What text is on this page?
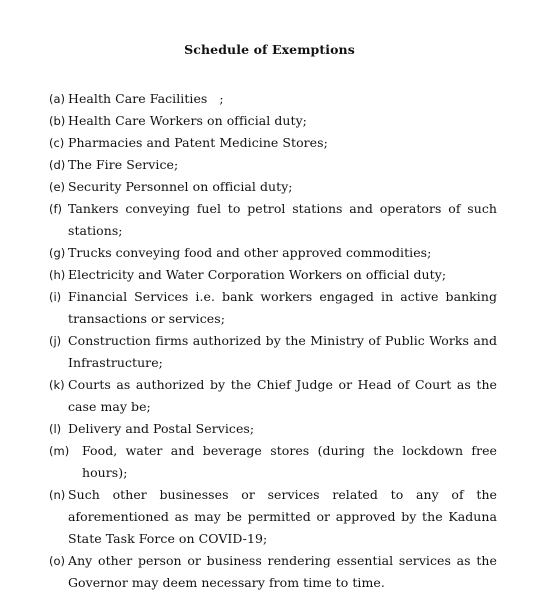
Schedule of Exemptions
(a) Health Care Facilities   ;
(b) Health Care Workers on official duty;
(c) Pharmacies and Patent Medicine Stores;
(d) The Fire Service;
(e) Security Personnel on official duty;
(f) Tankers conveying fuel to petrol stations and operators of such stations;
(g) Trucks conveying food and other approved commodities;
(h) Electricity and Water Corporation Workers on official duty;
(i) Financial Services i.e. bank workers engaged in active banking transactions or services;
(j) Construction firms authorized by the Ministry of Public Works and Infrastructure;
(k) Courts as authorized by the Chief Judge or Head of Court as the case may be;
(l) Delivery and Postal Services;
(m)	Food, water and beverage stores (during the lockdown free hours);
(n) Such other businesses or services related to any of the aforementioned as may be permitted or approved by the Kaduna State Task Force on COVID-19;
(o) Any other person or business rendering essential services as the Governor may deem necessary from time to time.
